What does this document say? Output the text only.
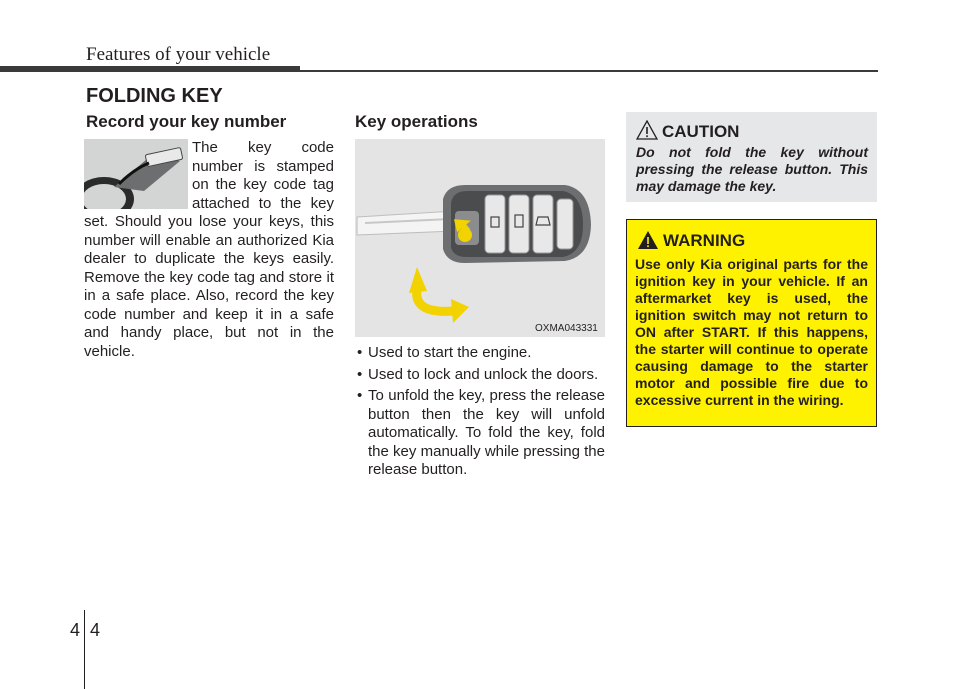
Features of your vehicle
FOLDING KEY
Record your key number
The key code number is stamped on the key code tag attached to the key set. Should you lose your keys, this number will enable an authorized Kia dealer to duplicate the keys easily. Remove the key code tag and store it in a safe place. Also, record the key code number and keep it in a safe and handy place, but not in the vehicle.
Key operations
OXMA043331
• Used to start the engine.
• Used to lock and unlock the doors.
• To unfold the key, press the release button then the key will unfold automatically. To fold the key, fold the key manually while pressing the release button.
CAUTION
Do not fold the key without pressing the release button. This may damage the key.
WARNING
Use only Kia original parts for the ignition key in your vehicle. If an aftermarket key is used, the ignition switch may not return to ON after START. If this happens, the starter will continue to operate causing damage to the starter motor and possible fire due to excessive current in the wiring.
4 4
